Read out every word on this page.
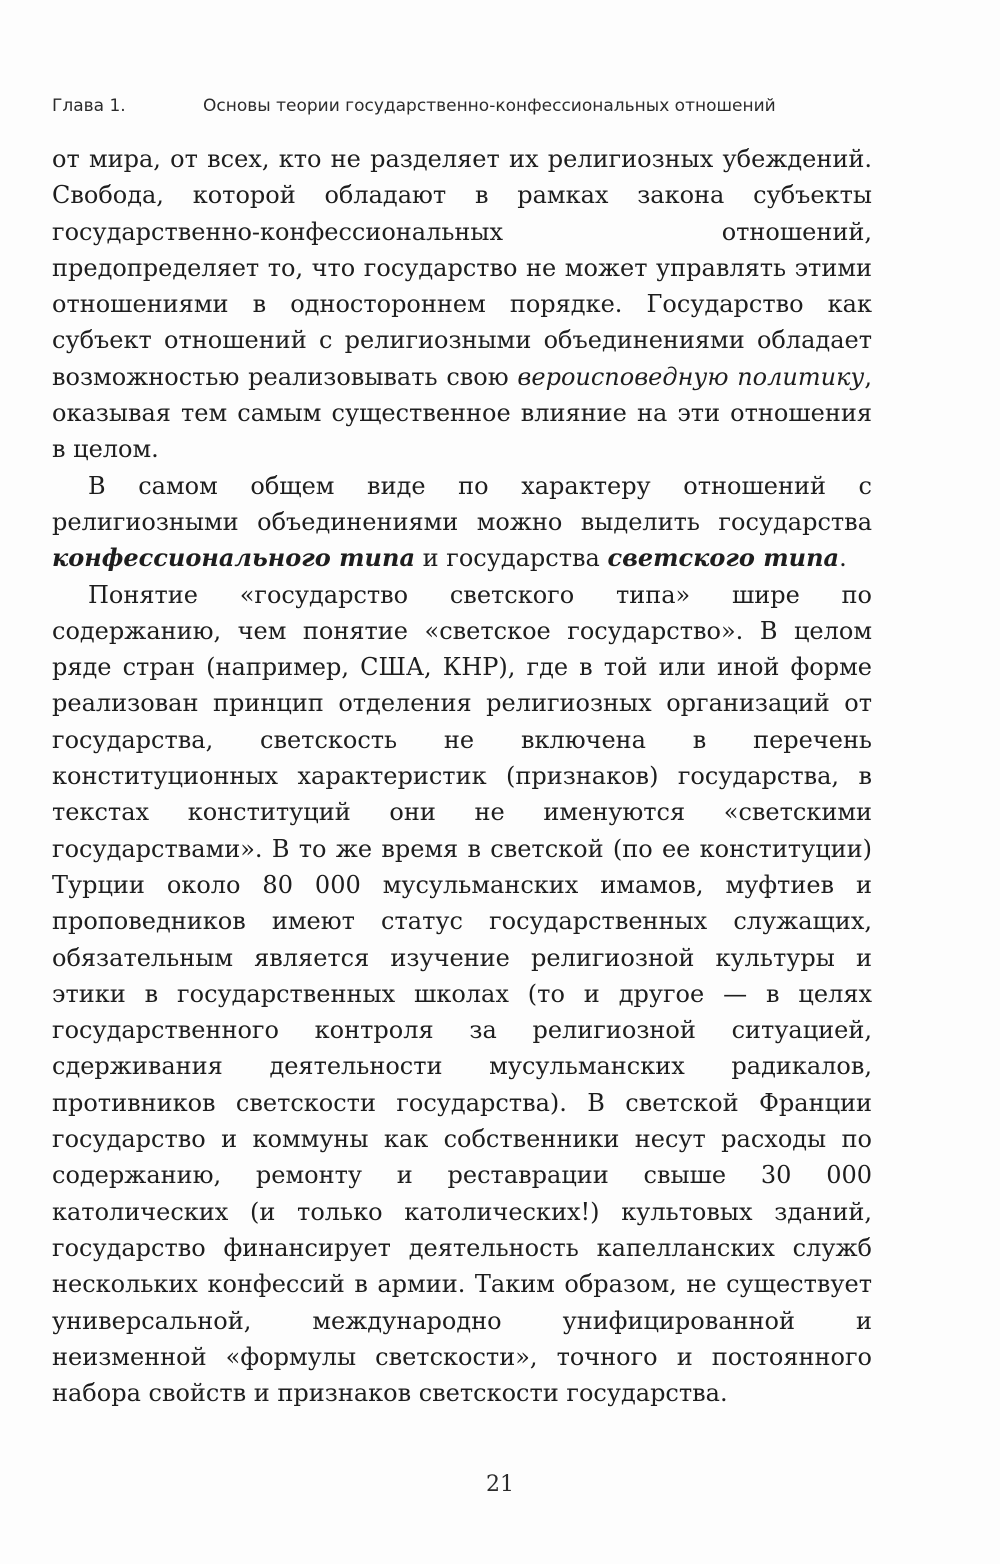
Глава 1.	Основы теории государственно-конфессиональных отношений

от мира, от всех, кто не разделяет их религиозных убеждений. Свобода, которой обладают в рамках закона субъекты государственно-конфессиональных отношений, предопределяет то, что государство не может управлять этими отношениями в одностороннем порядке. Государство как субъект отношений с религиозными объединениями обладает возможностью реализовывать свою вероисповедную политику, оказывая тем самым существенное влияние на эти отношения в целом.

В самом общем виде по характеру отношений с религиозными объединениями можно выделить государства конфессионального типа и государства светского типа.

Понятие «государство светского типа» шире по содержанию, чем понятие «светское государство». В целом ряде стран (например, США, КНР), где в той или иной форме реализован принцип отделения религиозных организаций от государства, светскость не включена в перечень конституционных характеристик (признаков) государства, в текстах конституций они не именуются «светскими государствами». В то же время в светской (по ее конституции) Турции около 80 000 мусульманских имамов, муфтиев и проповедников имеют статус государственных служащих, обязательным является изучение религиозной культуры и этики в государственных школах (то и другое — в целях государственного контроля за религиозной ситуацией, сдерживания деятельности мусульманских радикалов, противников светскости государства). В светской Франции государство и коммуны как собственники несут расходы по содержанию, ремонту и реставрации свыше 30 000 католических (и только католических!) культовых зданий, государство финансирует деятельность капелланских служб нескольких конфессий в армии. Таким образом, не существует универсальной, международно унифицированной и неизменной «формулы светскости», точного и постоянного набора свойств и признаков светскости государства.

21
